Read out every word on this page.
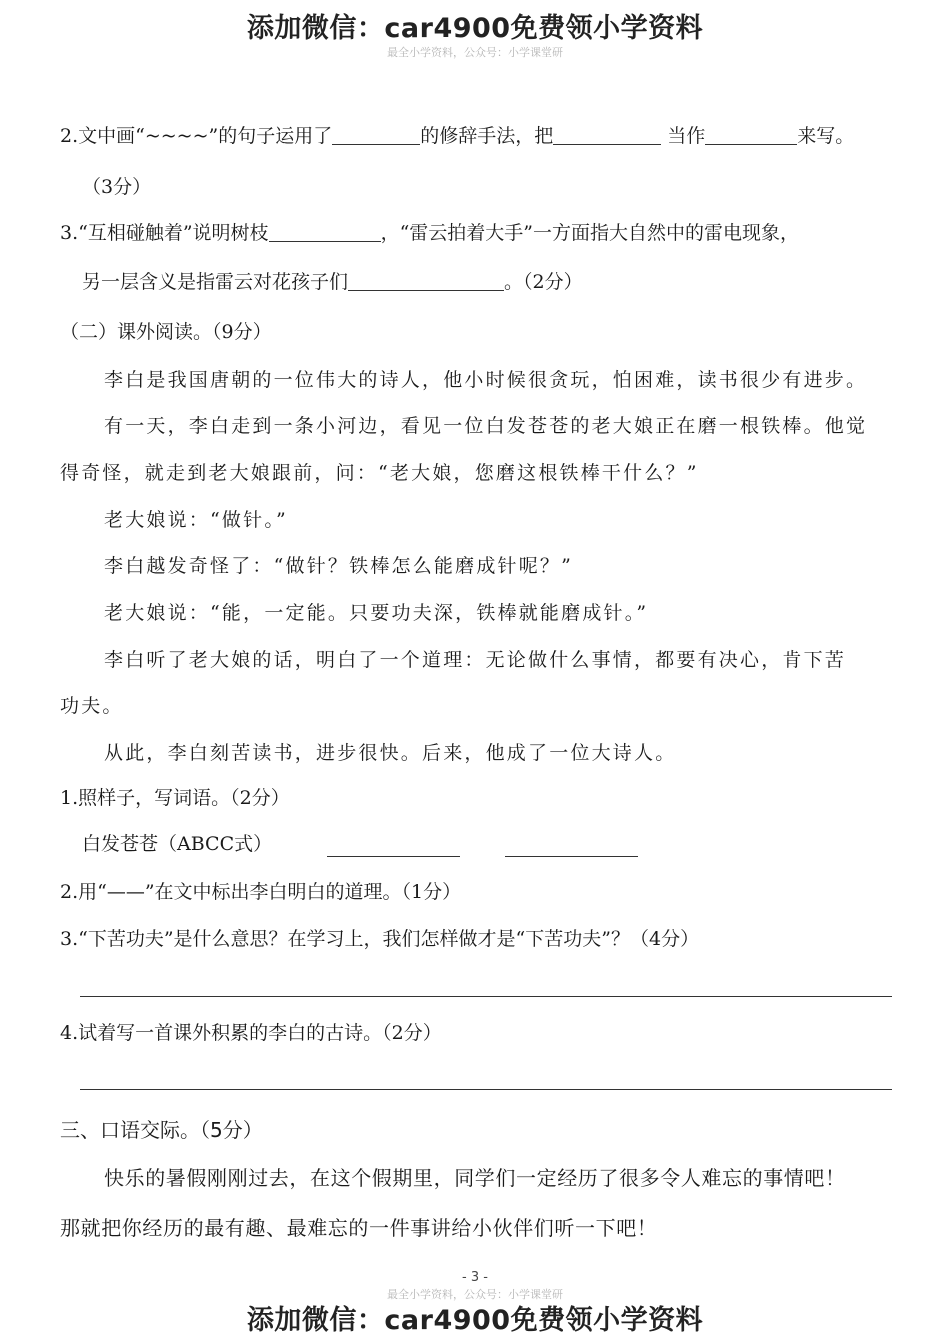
添加微信：car4900免费领小学资料
最全小学资料，公众号：小学课堂研
2.文中画“~~~~”的句子运用了	的修辞手法，把	当作	来写。
（3分）
3.“互相碰触着”说明树枝	，“雷云拍着大手”一方面指大自然中的雷电现象，
另一层含义是指雷云对花孩子们	。（2分）
（二）课外阅读。（9分）
李白是我国唐朝的一位伟大的诗人，他小时候很贪玩，怕困难，读书很少有进步。
有一天，李白走到一条小河边，看见一位白发苍苍的老大娘正在磨一根铁棒。他觉
得奇怪，就走到老大娘跟前，问：“老大娘，您磨这根铁棒干什么？”
老大娘说：“做针。”
李白越发奇怪了：“做针？铁棒怎么能磨成针呢？”
老大娘说：“能，一定能。只要功夫深，铁棒就能磨成针。”
李白听了老大娘的话，明白了一个道理：无论做什么事情，都要有决心，肯下苦
功夫。
从此，李白刻苦读书，进步很快。后来，他成了一位大诗人。
1.照样子，写词语。（2分）
白发苍苍（ABCC式）
2.用“——”在文中标出李白明白的道理。（1分）
3.“下苦功夫”是什么意思？在学习上，我们怎样做才是“下苦功夫”？（4分）
4.试着写一首课外积累的李白的古诗。（2分）
三、口语交际。（5分）
快乐的暑假刚刚过去，在这个假期里，同学们一定经历了很多令人难忘的事情吧！
那就把你经历的最有趣、最难忘的一件事讲给小伙伴们听一下吧！
- 3 -
最全小学资料，公众号：小学课堂研
添加微信：car4900免费领小学资料
